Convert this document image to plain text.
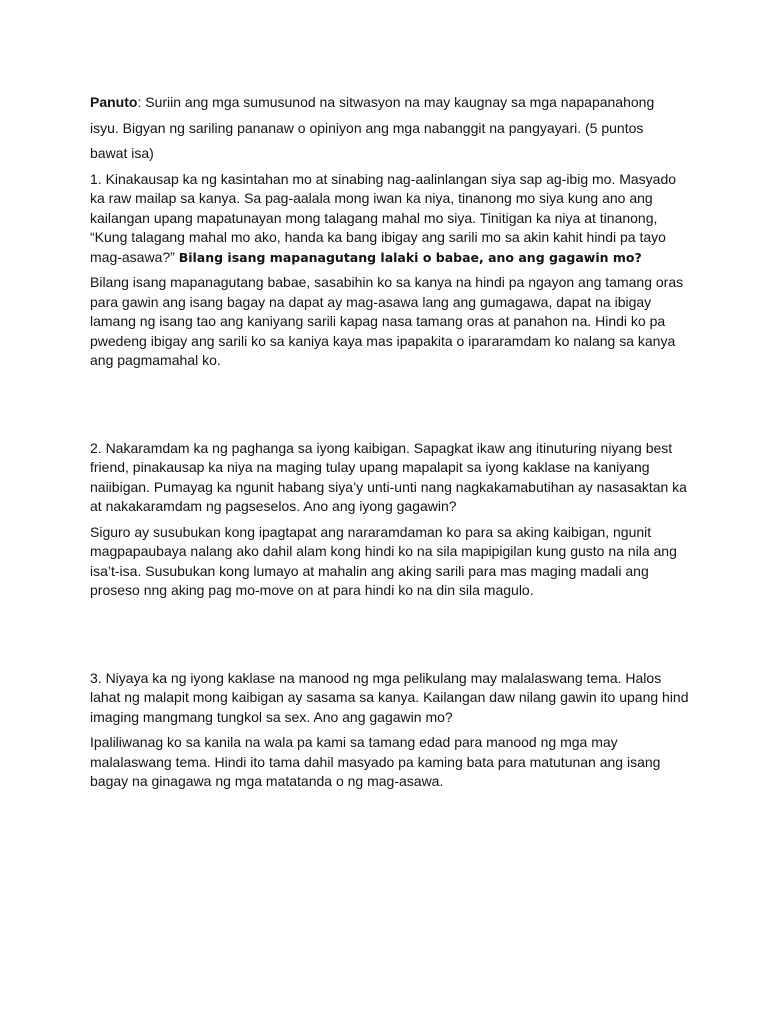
Panuto: Suriin ang mga sumusunod na sitwasyon na may kaugnay sa mga napapanahong

isyu. Bigyan ng sariling pananaw o opiniyon ang mga nabanggit na pangyayari. (5 puntos

bawat isa)

1. Kinakausap ka ng kasintahan mo at sinabing nag-aalinlangan siya sap ag-ibig mo. Masyado ka raw mailap sa kanya. Sa pag-aalala mong iwan ka niya, tinanong mo siya kung ano ang kailangan upang mapatunayan mong talagang mahal mo siya. Tinitigan ka niya at tinanong, “Kung talagang mahal mo ako, handa ka bang ibigay ang sarili mo sa akin kahit hindi pa tayo mag-asawa?” Bilang isang mapanagutang lalaki o babae, ano ang gagawin mo?

Bilang isang mapanagutang babae, sasabihin ko sa kanya na hindi pa ngayon ang tamang oras para gawin ang isang bagay na dapat ay mag-asawa lang ang gumagawa, dapat na ibigay lamang ng isang tao ang kaniyang sarili kapag nasa tamang oras at panahon na. Hindi ko pa pwedeng ibigay ang sarili ko sa kaniya kaya mas ipapakita o ipararamdam ko nalang sa kanya ang pagmamahal ko.

2. Nakaramdam ka ng paghanga sa iyong kaibigan. Sapagkat ikaw ang itinuturing niyang best friend, pinakausap ka niya na maging tulay upang mapalapit sa iyong kaklase na kaniyang naiibigan. Pumayag ka ngunit habang siya’y unti-unti nang nagkakamabutihan ay nasasaktan ka at nakakaramdam ng pagseselos. Ano ang iyong gagawin?

Siguro ay susubukan kong ipagtapat ang nararamdaman ko para sa aking kaibigan, ngunit magpapaubaya nalang ako dahil alam kong hindi ko na sila mapipigilan kung gusto na nila ang isa’t-isa. Susubukan kong lumayo at mahalin ang aking sarili para mas maging madali ang proseso nng aking pag mo-move on at para hindi ko na din sila magulo.

3. Niyaya ka ng iyong kaklase na manood ng mga pelikulang may malalaswang tema. Halos lahat ng malapit mong kaibigan ay sasama sa kanya. Kailangan daw nilang gawin ito upang hind imaging mangmang tungkol sa sex. Ano ang gagawin mo?

Ipaliliwanag ko sa kanila na wala pa kami sa tamang edad para manood ng mga may malalaswang tema. Hindi ito tama dahil masyado pa kaming bata para matutunan ang isang bagay na ginagawa ng mga matatanda o ng mag-asawa.
